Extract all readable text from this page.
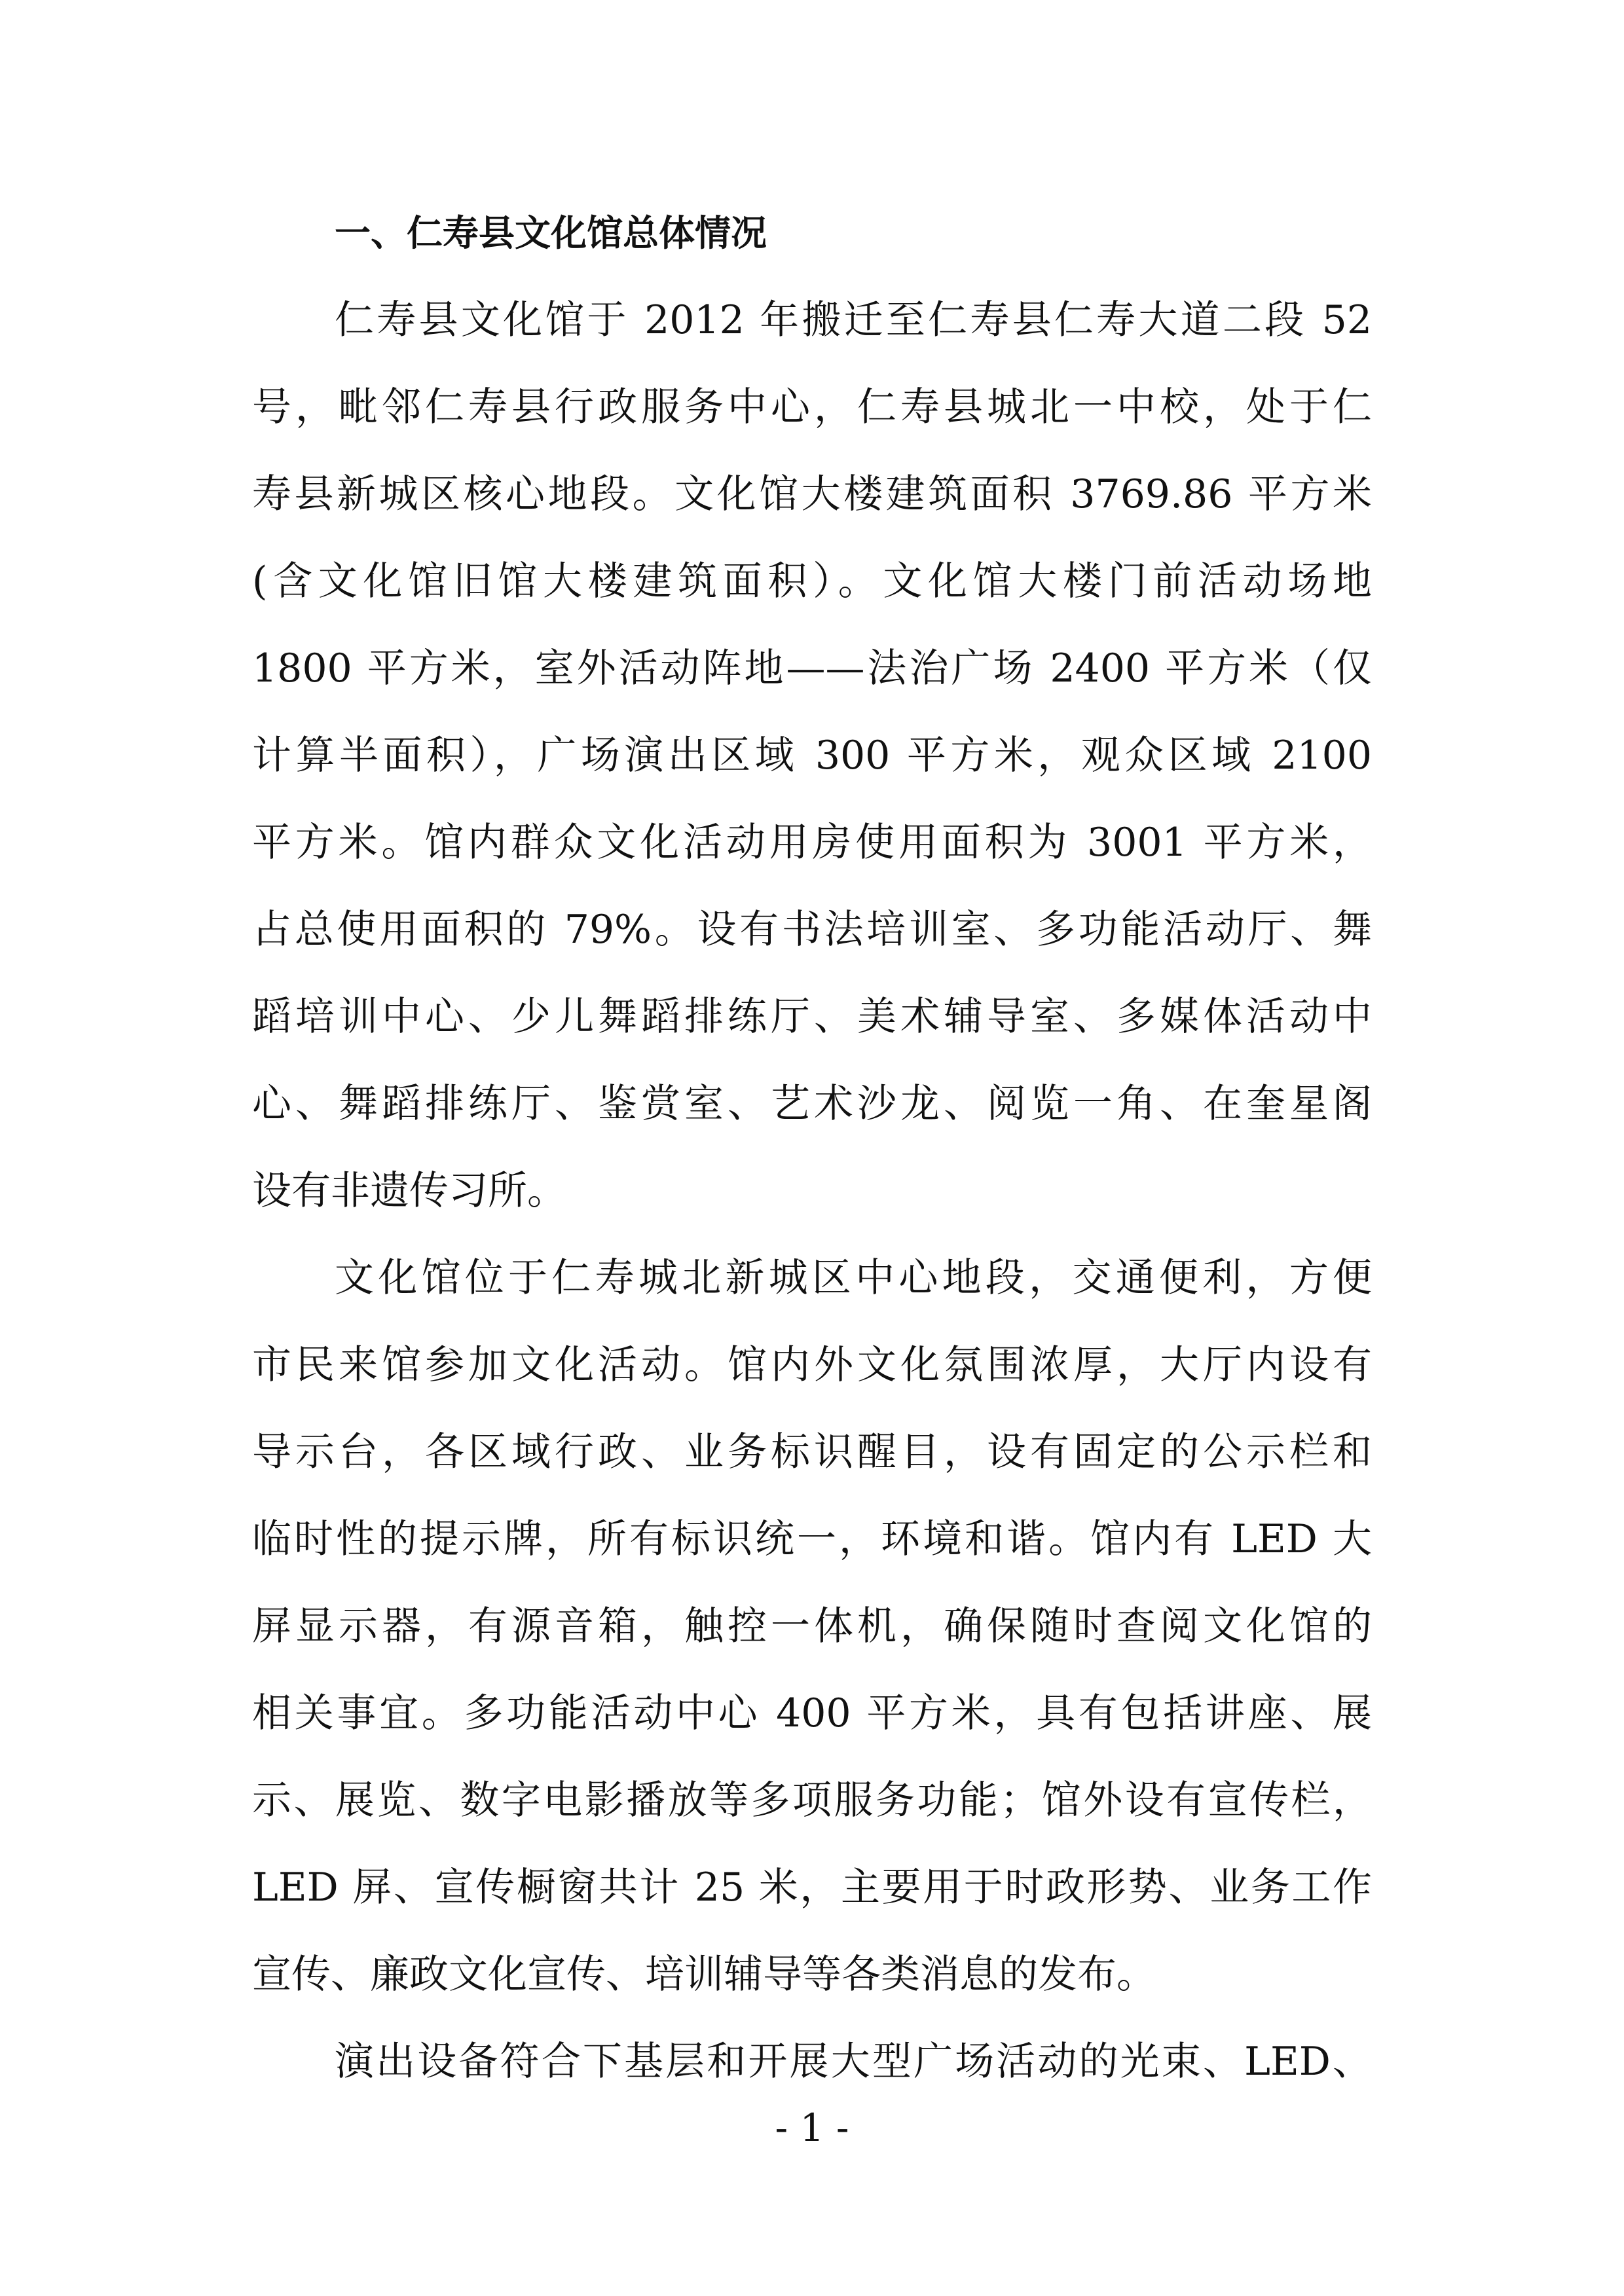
一、仁寿县文化馆总体情况
仁寿县文化馆于 2012 年搬迁至仁寿县仁寿大道二段 52
号，毗邻仁寿县行政服务中心，仁寿县城北一中校，处于仁
寿县新城区核心地段。文化馆大楼建筑面积 3769.86 平方米
(含文化馆旧馆大楼建筑面积）。文化馆大楼门前活动场地
1800 平方米，室外活动阵地——法治广场 2400 平方米（仅
计算半面积），广场演出区域 300 平方米，观众区域 2100
平方米。馆内群众文化活动用房使用面积为 3001 平方米，
占总使用面积的 79%。设有书法培训室、多功能活动厅、舞
蹈培训中心、少儿舞蹈排练厅、美术辅导室、多媒体活动中
心、舞蹈排练厅、鉴赏室、艺术沙龙、阅览一角、在奎星阁
设有非遗传习所。
文化馆位于仁寿城北新城区中心地段，交通便利，方便
市民来馆参加文化活动。馆内外文化氛围浓厚，大厅内设有
导示台，各区域行政、业务标识醒目，设有固定的公示栏和
临时性的提示牌，所有标识统一，环境和谐。馆内有 LED 大
屏显示器，有源音箱，触控一体机，确保随时查阅文化馆的
相关事宜。多功能活动中心 400 平方米，具有包括讲座、展
示、展览、数字电影播放等多项服务功能；馆外设有宣传栏，
LED 屏、宣传橱窗共计 25 米，主要用于时政形势、业务工作
宣传、廉政文化宣传、培训辅导等各类消息的发布。
演出设备符合下基层和开展大型广场活动的光束、LED、
- 1 -
